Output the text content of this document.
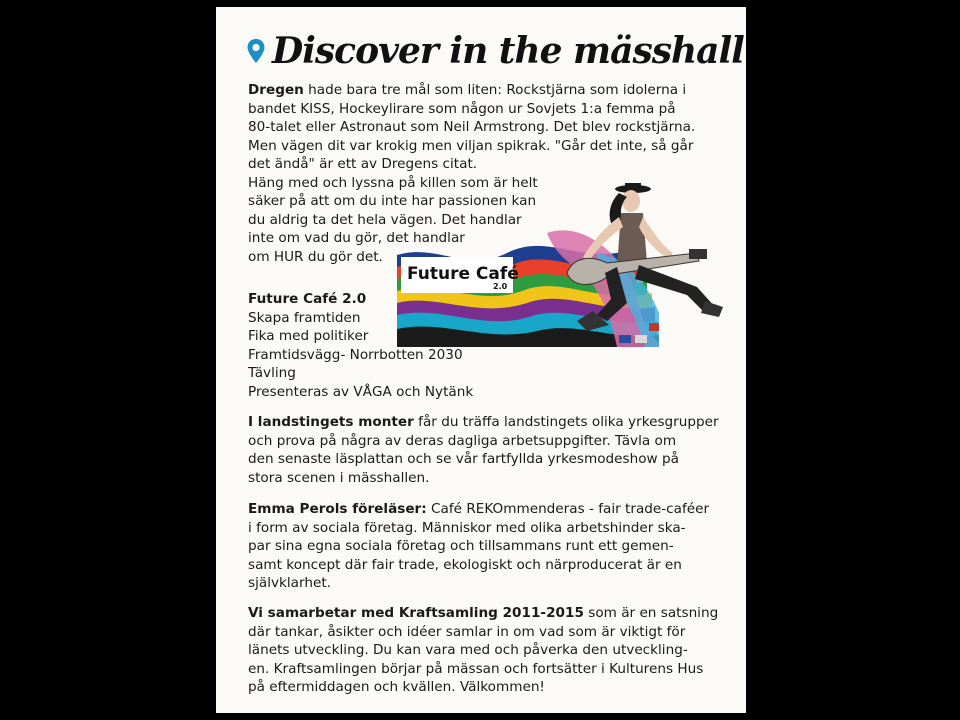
Discover in the mässhall
Dregen hade bara tre mål som liten: Rockstjärna som idolerna i
bandet KISS, Hockeylirare som någon ur Sovjets 1:a femma på
80-talet eller Astronaut som Neil Armstrong. Det blev rockstjärna.
Men vägen dit var krokig men viljan spikrak. "Går det inte, så går
det ändå" är ett av Dregens citat.
Häng med och lyssna på killen som är helt
säker på att om du inte har passionen kan
du aldrig ta det hela vägen. Det handlar
inte om vad du gör, det handlar
om HUR du gör det.
Future Café
2.0
Future Café 2.0
Skapa framtiden
Fika med politiker
Framtidsvägg- Norrbotten 2030
Tävling
Presenteras av VÅGA och Nytänk
I landstingets monter får du träffa landstingets olika yrkesgrupper
och prova på några av deras dagliga arbetsuppgifter. Tävla om
den senaste läsplattan och se vår fartfyllda yrkesmodeshow på
stora scenen i mässhallen.
Emma Perols föreläser: Café REKOmmenderas - fair trade-caféer
i form av sociala företag. Människor med olika arbetshinder ska-
par sina egna sociala företag och tillsammans runt ett gemen-
samt koncept där fair trade, ekologiskt och närproducerat är en
självklarhet.
Vi samarbetar med Kraftsamling 2011-2015 som är en satsning
där tankar, åsikter och idéer samlar in om vad som är viktigt för
länets utveckling. Du kan vara med och påverka den utveckling-
en. Kraftsamlingen börjar på mässan och fortsätter i Kulturens Hus
på eftermiddagen och kvällen. Välkommen!
